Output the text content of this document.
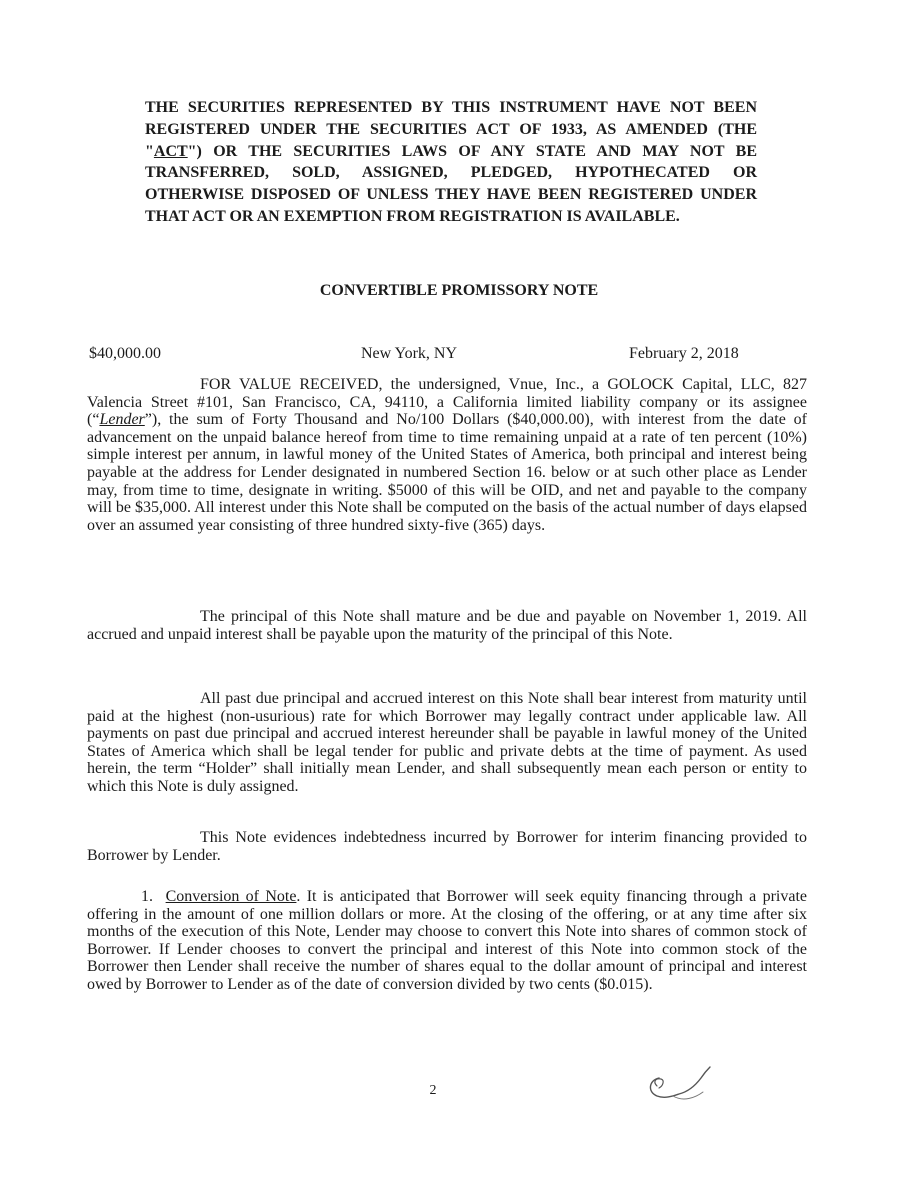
THE SECURITIES REPRESENTED BY THIS INSTRUMENT HAVE NOT BEEN REGISTERED UNDER THE SECURITIES ACT OF 1933, AS AMENDED (THE "ACT") OR THE SECURITIES LAWS OF ANY STATE AND MAY NOT BE TRANSFERRED, SOLD, ASSIGNED, PLEDGED, HYPOTHECATED OR OTHERWISE DISPOSED OF UNLESS THEY HAVE BEEN REGISTERED UNDER THAT ACT OR AN EXEMPTION FROM REGISTRATION IS AVAILABLE.

CONVERTIBLE PROMISSORY NOTE
$40,000.00	New York, NY	February 2, 2018

FOR VALUE RECEIVED, the undersigned, Vnue, Inc., a GOLOCK Capital, LLC, 827 Valencia Street #101, San Francisco, CA, 94110, a California limited liability company or its assignee (“Lender”), the sum of Forty Thousand and No/100 Dollars ($40,000.00), with interest from the date of advancement on the unpaid balance hereof from time to time remaining unpaid at a rate of ten percent (10%) simple interest per annum, in lawful money of the United States of America, both principal and interest being payable at the address for Lender designated in numbered Section 16. below or at such other place as Lender may, from time to time, designate in writing. $5000 of this will be OID, and net and payable to the company will be $35,000. All interest under this Note shall be computed on the basis of the actual number of days elapsed over an assumed year consisting of three hundred sixty-five (365) days.

The principal of this Note shall mature and be due and payable on November 1, 2019. All accrued and unpaid interest shall be payable upon the maturity of the principal of this Note.

All past due principal and accrued interest on this Note shall bear interest from maturity until paid at the highest (non-usurious) rate for which Borrower may legally contract under applicable law. All payments on past due principal and accrued interest hereunder shall be payable in lawful money of the United States of America which shall be legal tender for public and private debts at the time of payment. As used herein, the term “Holder” shall initially mean Lender, and shall subsequently mean each person or entity to which this Note is duly assigned.

This Note evidences indebtedness incurred by Borrower for interim financing provided to Borrower by Lender.

1. Conversion of Note. It is anticipated that Borrower will seek equity financing through a private offering in the amount of one million dollars or more. At the closing of the offering, or at any time after six months of the execution of this Note, Lender may choose to convert this Note into shares of common stock of Borrower. If Lender chooses to convert the principal and interest of this Note into common stock of the Borrower then Lender shall receive the number of shares equal to the dollar amount of principal and interest owed by Borrower to Lender as of the date of conversion divided by two cents ($0.015).

2
